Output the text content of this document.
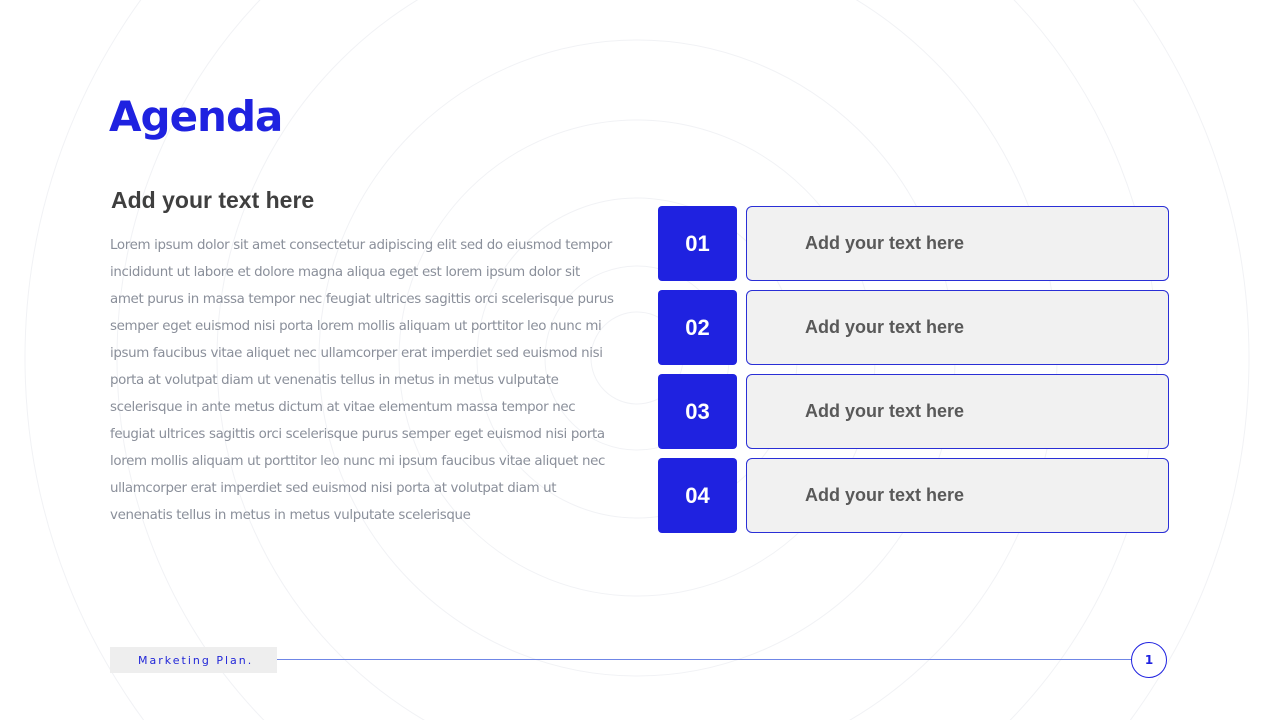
Agenda
Add your text here

Lorem ipsum dolor sit amet consectetur adipiscing elit sed do eiusmod tempor
incididunt ut labore et dolore magna aliqua eget est lorem ipsum dolor sit
amet purus in massa tempor nec feugiat ultrices sagittis orci scelerisque purus
semper eget euismod nisi porta lorem mollis aliquam ut porttitor leo nunc mi
ipsum faucibus vitae aliquet nec ullamcorper erat imperdiet sed euismod nisi
porta at volutpat diam ut venenatis tellus in metus in metus vulputate
scelerisque in ante metus dictum at vitae elementum massa tempor nec
feugiat ultrices sagittis orci scelerisque purus semper eget euismod nisi porta
lorem mollis aliquam ut porttitor leo nunc mi ipsum faucibus vitae aliquet nec
ullamcorper erat imperdiet sed euismod nisi porta at volutpat diam ut
venenatis tellus in metus in metus vulputate scelerisque

01	Add your text here
02	Add your text here
03	Add your text here
04	Add your text here
Marketing Plan.	1
